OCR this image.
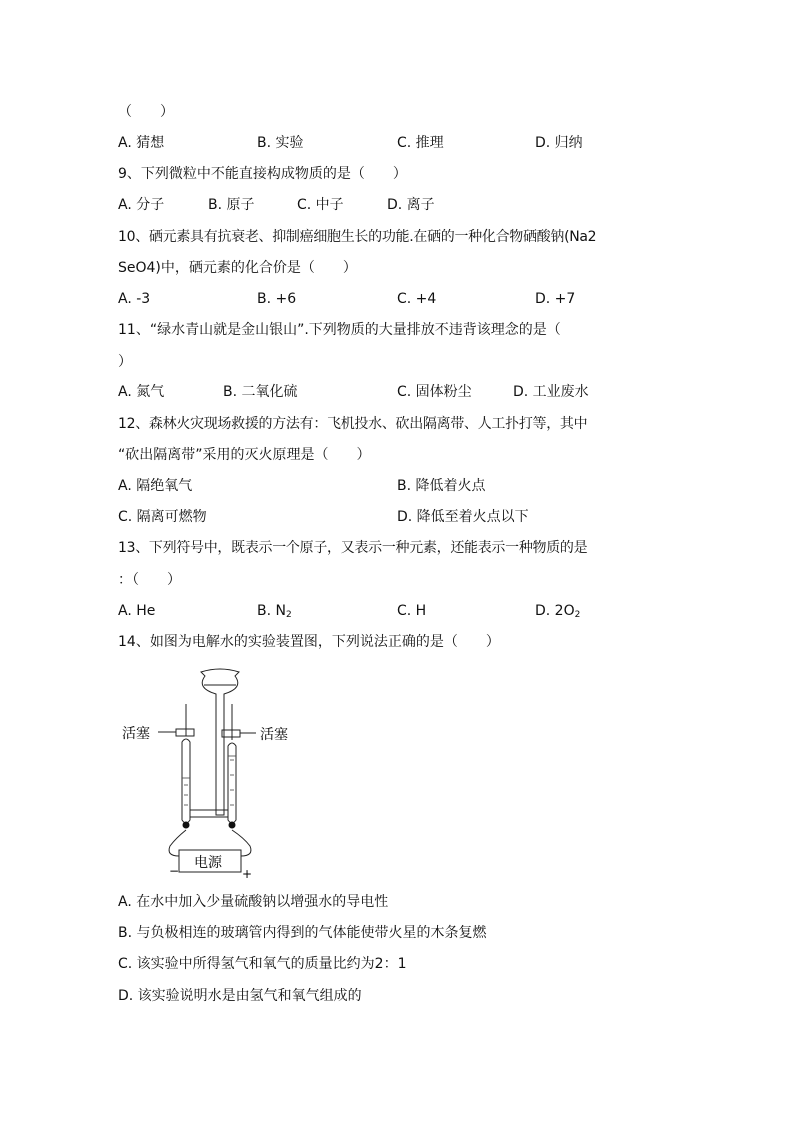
（　　）
A. 猜想	B. 实验	C. 推理	D. 归纳
9、下列微粒中不能直接构成物质的是（　　）
A. 分子	B. 原子	C. 中子	D. 离子
10、硒元素具有抗衰老、抑制癌细胞生长的功能.在硒的一种化合物硒酸钠(Na2
SeO4)中，硒元素的化合价是（　　）
A. -3	B. +6	C. +4	D. +7
11、“绿水青山就是金山银山”.下列物质的大量排放不违背该理念的是（
）
A. 氮气	B. 二氧化硫	C. 固体粉尘	D. 工业废水
12、森林火灾现场救援的方法有：飞机投水、砍出隔离带、人工扑打等，其中
“砍出隔离带”采用的灭火原理是（　　）
A. 隔绝氧气	B. 降低着火点
C. 隔离可燃物	D. 降低至着火点以下
13、下列符号中，既表示一个原子，又表示一种元素，还能表示一种物质的是
：（　　）
A. He	B. $N_2$	C. H	D. $2O_2$
14、如图为电解水的实验装置图，下列说法正确的是（　　）
活塞	活塞
电源
−	+
A. 在水中加入少量硫酸钠以增强水的导电性
B. 与负极相连的玻璃管内得到的气体能使带火星的木条复燃
C. 该实验中所得氢气和氧气的质量比约为2：1
D. 该实验说明水是由氢气和氧气组成的
